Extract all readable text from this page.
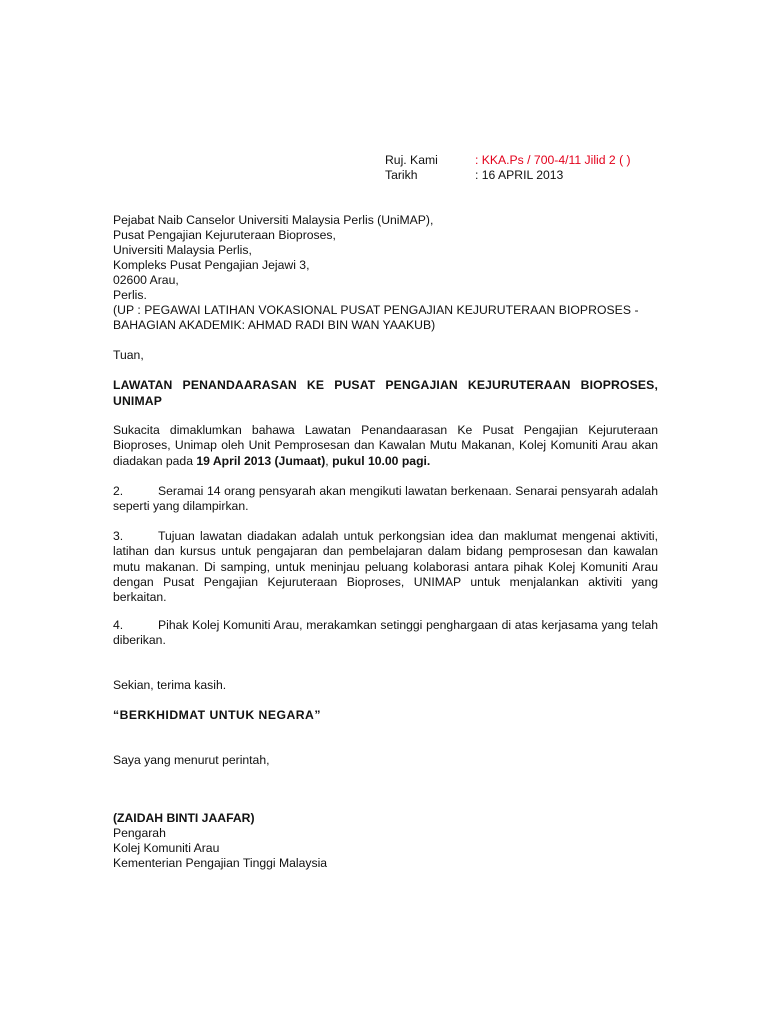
Ruj. Kami	: KKA.Ps / 700-4/11 Jilid 2 ( )
Tarikh	: 16 APRIL 2013
Pejabat Naib Canselor Universiti Malaysia Perlis (UniMAP),
Pusat Pengajian Kejuruteraan Bioproses,
Universiti Malaysia Perlis,
Kompleks Pusat Pengajian Jejawi 3,
02600 Arau,
Perlis.
(UP : PEGAWAI LATIHAN VOKASIONAL PUSAT PENGAJIAN KEJURUTERAAN BIOPROSES -
BAHAGIAN AKADEMIK: AHMAD RADI BIN WAN YAAKUB)
Tuan,
LAWATAN PENANDAARASAN KE PUSAT PENGAJIAN KEJURUTERAAN BIOPROSES, UNIMAP
Sukacita dimaklumkan bahawa Lawatan Penandaarasan Ke Pusat Pengajian Kejuruteraan Bioproses, Unimap oleh Unit Pemprosesan dan Kawalan Mutu Makanan, Kolej Komuniti Arau akan diadakan pada 19 April 2013 (Jumaat), pukul 10.00 pagi.
2.	Seramai 14 orang pensyarah akan mengikuti lawatan berkenaan. Senarai pensyarah adalah seperti yang dilampirkan.
3.	Tujuan lawatan diadakan adalah untuk perkongsian idea dan maklumat mengenai aktiviti, latihan dan kursus untuk pengajaran dan pembelajaran dalam bidang pemprosesan dan kawalan mutu makanan. Di samping, untuk meninjau peluang kolaborasi antara pihak Kolej Komuniti Arau dengan Pusat Pengajian Kejuruteraan Bioproses, UNIMAP untuk menjalankan aktiviti yang berkaitan.
4.	Pihak Kolej Komuniti Arau, merakamkan setinggi penghargaan di atas kerjasama yang telah diberikan.
Sekian, terima kasih.
“BERKHIDMAT UNTUK NEGARA”
Saya yang menurut perintah,
(ZAIDAH BINTI JAAFAR)
Pengarah
Kolej Komuniti Arau
Kementerian Pengajian Tinggi Malaysia
